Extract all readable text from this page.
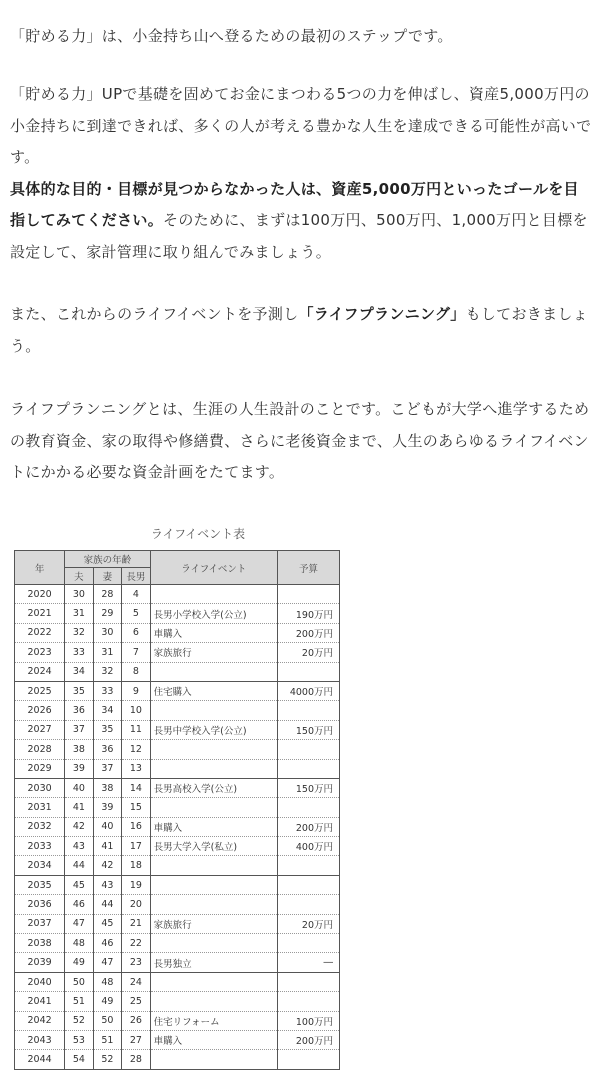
「貯める力」は、小金持ち山へ登るための最初のステップです。

「貯める力」UPで基礎を固めてお金にまつわる5つの力を伸ばし、資産5,000万円の小金持ちに到達できれば、多くの人が考える豊かな人生を達成できる可能性が高いです。
具体的な目的・目標が見つからなかった人は、資産5,000万円といったゴールを目指してみてください。そのために、まずは100万円、500万円、1,000万円と目標を設定して、家計管理に取り組んでみましょう。

また、これからのライフイベントを予測し「ライフプランニング」もしておきましょう。

ライフプランニングとは、生涯の人生設計のことです。こどもが大学へ進学するための教育資金、家の取得や修繕費、さらに老後資金まで、人生のあらゆるライフイベントにかかる必要な資金計画をたてます。

ライフイベント表
年	家族の年齢			ライフイベント	予算
	夫	妻	長男		
2020	30	28	4		
2021	31	29	5	長男小学校入学(公立)	190万円
2022	32	30	6	車購入	200万円
2023	33	31	7	家族旅行	20万円
2024	34	32	8		
2025	35	33	9	住宅購入	4000万円
2026	36	34	10		
2027	37	35	11	長男中学校入学(公立)	150万円
2028	38	36	12		
2029	39	37	13		
2030	40	38	14	長男高校入学(公立)	150万円
2031	41	39	15		
2032	42	40	16	車購入	200万円
2033	43	41	17	長男大学入学(私立)	400万円
2034	44	42	18		
2035	45	43	19		
2036	46	44	20		
2037	47	45	21	家族旅行	20万円
2038	48	46	22		
2039	49	47	23	長男独立	―
2040	50	48	24		
2041	51	49	25		
2042	52	50	26	住宅リフォーム	100万円
2043	53	51	27	車購入	200万円
2044	54	52	28		
